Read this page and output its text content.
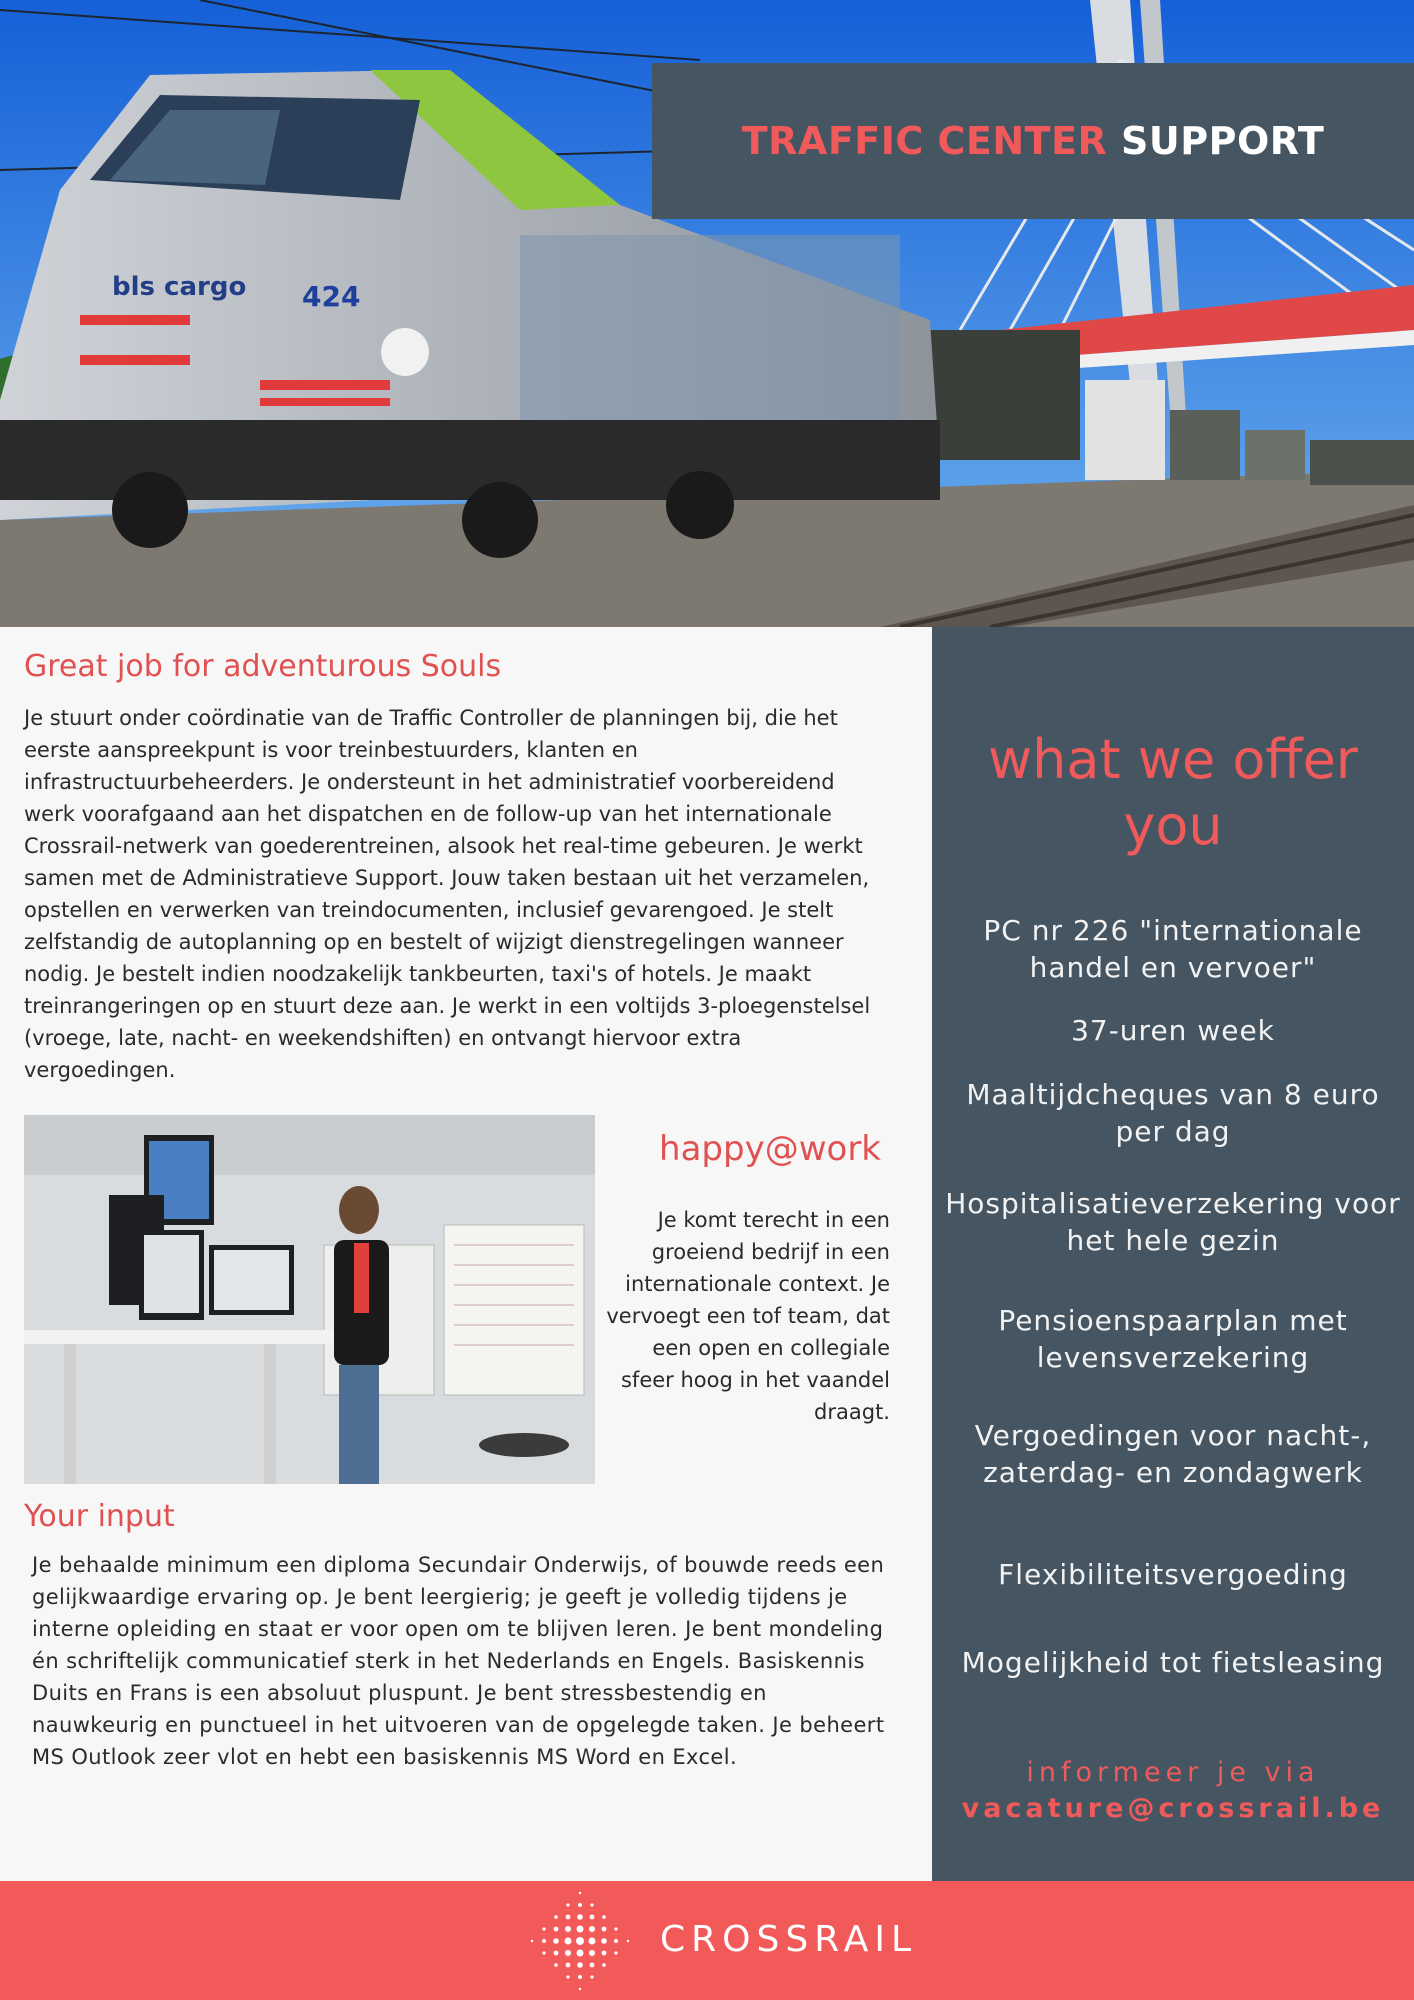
bls cargo 424
TRAFFIC CENTER SUPPORT
Great job for adventurous Souls

Je stuurt onder coördinatie van de Traffic Controller de planningen bij, die het eerste aanspreekpunt is voor treinbestuurders, klanten en infrastructuurbeheerders. Je ondersteunt in het administratief voorbereidend werk voorafgaand aan het dispatchen en de follow-up van het internationale Crossrail-netwerk van goederentreinen, alsook het real-time gebeuren. Je werkt samen met de Administratieve Support. Jouw taken bestaan uit het verzamelen, opstellen en verwerken van treindocumenten, inclusief gevarengoed. Je stelt zelfstandig de autoplanning op en bestelt of wijzigt dienstregelingen wanneer nodig. Je bestelt indien noodzakelijk tankbeurten, taxi's of hotels. Je maakt treinrangeringen op en stuurt deze aan. Je werkt in een voltijds 3-ploegenstelsel (vroege, late, nacht- en weekendshiften) en ontvangt hiervoor extra vergoedingen.

happy@work

Je komt terecht in een groeiend bedrijf in een internationale context. Je vervoegt een tof team, dat een open en collegiale sfeer hoog in het vaandel draagt.

Your input

Je behaalde minimum een diploma Secundair Onderwijs, of bouwde reeds een gelijkwaardige ervaring op. Je bent leergierig; je geeft je volledig tijdens je interne opleiding en staat er voor open om te blijven leren. Je bent mondeling én schriftelijk communicatief sterk in het Nederlands en Engels. Basiskennis Duits en Frans is een absoluut pluspunt. Je bent stressbestendig en nauwkeurig en punctueel in het uitvoeren van de opgelegde taken. Je beheert MS Outlook zeer vlot en hebt een basiskennis MS Word en Excel.

what we offer you

PC nr 226 "internationale handel en vervoer"

37-uren week

Maaltijdcheques van 8 euro per dag

Hospitalisatieverzekering voor het hele gezin

Pensioenspaarplan met levensverzekering

Vergoedingen voor nacht-, zaterdag- en zondagwerk

Flexibiliteitsvergoeding

Mogelijkheid tot fietsleasing

informeer je via

vacature@crossrail.be

CROSSRAIL
